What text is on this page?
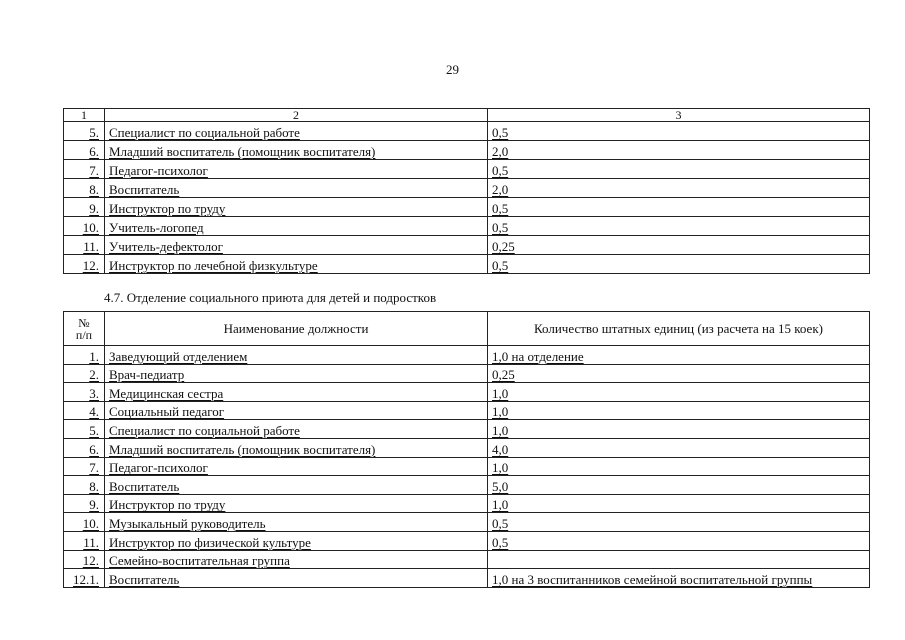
29
1	2	3
5.	Специалист по социальной работе	0,5
6.	Младший воспитатель (помощник воспитателя)	2,0
7.	Педагог-психолог	0,5
8.	Воспитатель	2,0
9.	Инструктор по труду	0,5
10.	Учитель-логопед	0,5
11.	Учитель-дефектолог	0,25
12.	Инструктор по лечебной физкультуре	0,5
4.7. Отделение социального приюта для детей и подростков
№
п/п	Наименование должности	Количество штатных единиц (из расчета на 15 коек)
1.	Заведующий отделением	1,0 на отделение
2.	Врач-педиатр	0,25
3.	Медицинская сестра	1,0
4.	Социальный педагог	1,0
5.	Специалист по социальной работе	1,0
6.	Младший воспитатель (помощник воспитателя)	4,0
7.	Педагог-психолог	1,0
8.	Воспитатель	5,0
9.	Инструктор по труду	1,0
10.	Музыкальный руководитель	0,5
11.	Инструктор по физической культуре	0,5
12.	Семейно-воспитательная группа	
12.1.	Воспитатель	1,0 на 3 воспитанников семейной воспитательной группы
